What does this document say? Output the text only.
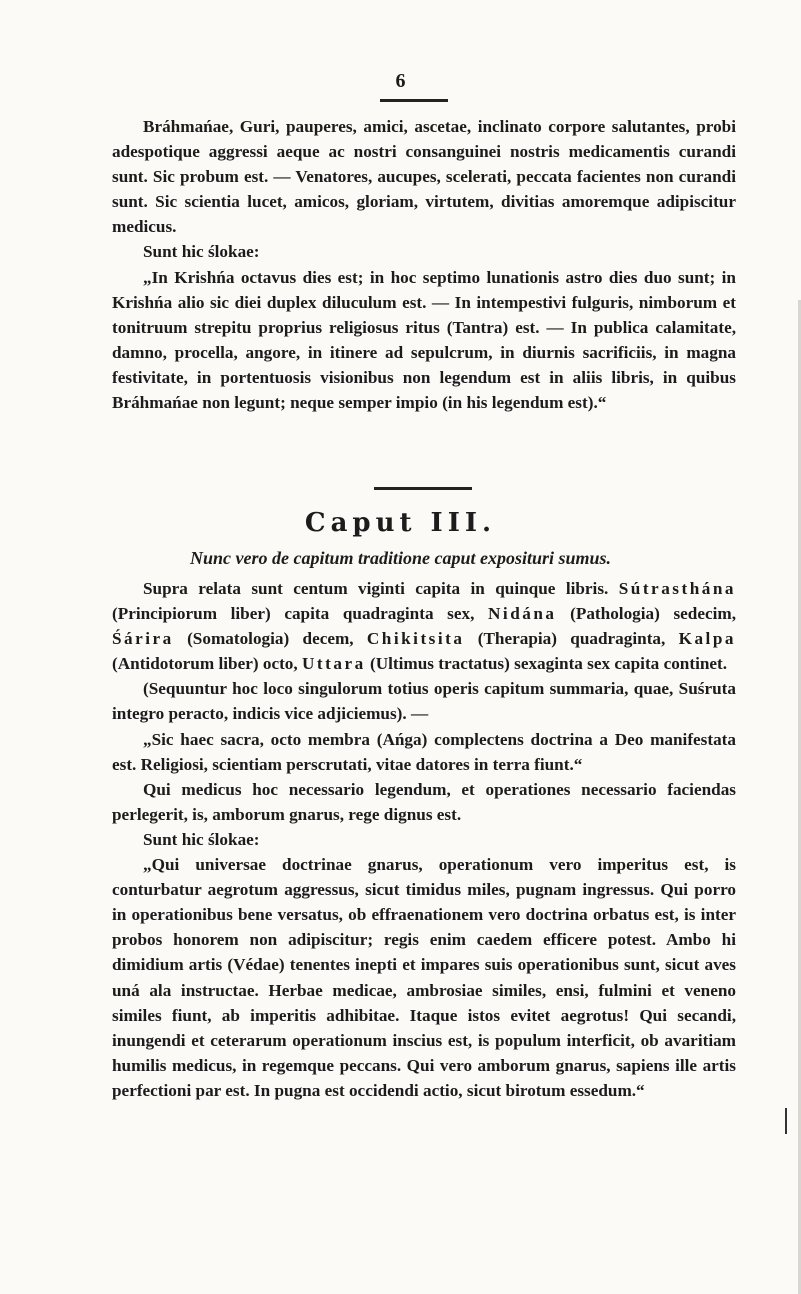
6

Bráhmańae, Guri, pauperes, amici, ascetae, inclinato corpore salutantes, probi adespotique aggressi aeque ac nostri consanguinei nostris medicamentis curandi sunt. Sic probum est. — Venatores, aucupes, scelerati, peccata facientes non curandi sunt. Sic scientia lucet, amicos, gloriam, virtutem, divitias amoremque adipiscitur medicus.

Sunt hic ślokae:

„In Krishńa octavus dies est; in hoc septimo lunationis astro dies duo sunt; in Krishńa alio sic diei duplex diluculum est. — In intempestivi fulguris, nimborum et tonitruum strepitu proprius religiosus ritus (Tantra) est. — In publica calamitate, damno, procella, angore, in itinere ad sepulcrum, in diurnis sacrificiis, in magna festivitate, in portentuosis visionibus non legendum est in aliis libris, in quibus Bráhmańae non legunt; neque semper impio (in his legendum est).“

Caput III.
Nunc vero de capitum traditione caput exposituri sumus.

Supra relata sunt centum viginti capita in quinque libris. Sútrasthána (Principiorum liber) capita quadraginta sex, Nidána (Pathologia) sedecim, Śárira (Somatologia) decem, Chikitsita (Therapia) quadraginta, Kalpa (Antidotorum liber) octo, Uttara (Ultimus tractatus) sexaginta sex capita continet.

(Sequuntur hoc loco singulorum totius operis capitum summaria, quae, Suśruta integro peracto, indicis vice adjiciemus). —

„Sic haec sacra, octo membra (Ańga) complectens doctrina a Deo manifestata est. Religiosi, scientiam perscrutati, vitae datores in terra fiunt.“

Qui medicus hoc necessario legendum, et operationes necessario faciendas perlegerit, is, amborum gnarus, rege dignus est.

Sunt hic ślokae:

„Qui universae doctrinae gnarus, operationum vero imperitus est, is conturbatur aegrotum aggressus, sicut timidus miles, pugnam ingressus. Qui porro in operationibus bene versatus, ob effraenationem vero doctrina orbatus est, is inter probos honorem non adipiscitur; regis enim caedem efficere potest. Ambo hi dimidium artis (Védae) tenentes inepti et impares suis operationibus sunt, sicut aves uná ala instructae. Herbae medicae, ambrosiae similes, ensi, fulmini et veneno similes fiunt, ab imperitis adhibitae. Itaque istos evitet aegrotus! Qui secandi, inungendi et ceterarum operationum inscius est, is populum interficit, ob avaritiam humilis medicus, in regemque peccans. Qui vero amborum gnarus, sapiens ille artis perfectioni par est. In pugna est occidendi actio, sicut birotum essedum.“
